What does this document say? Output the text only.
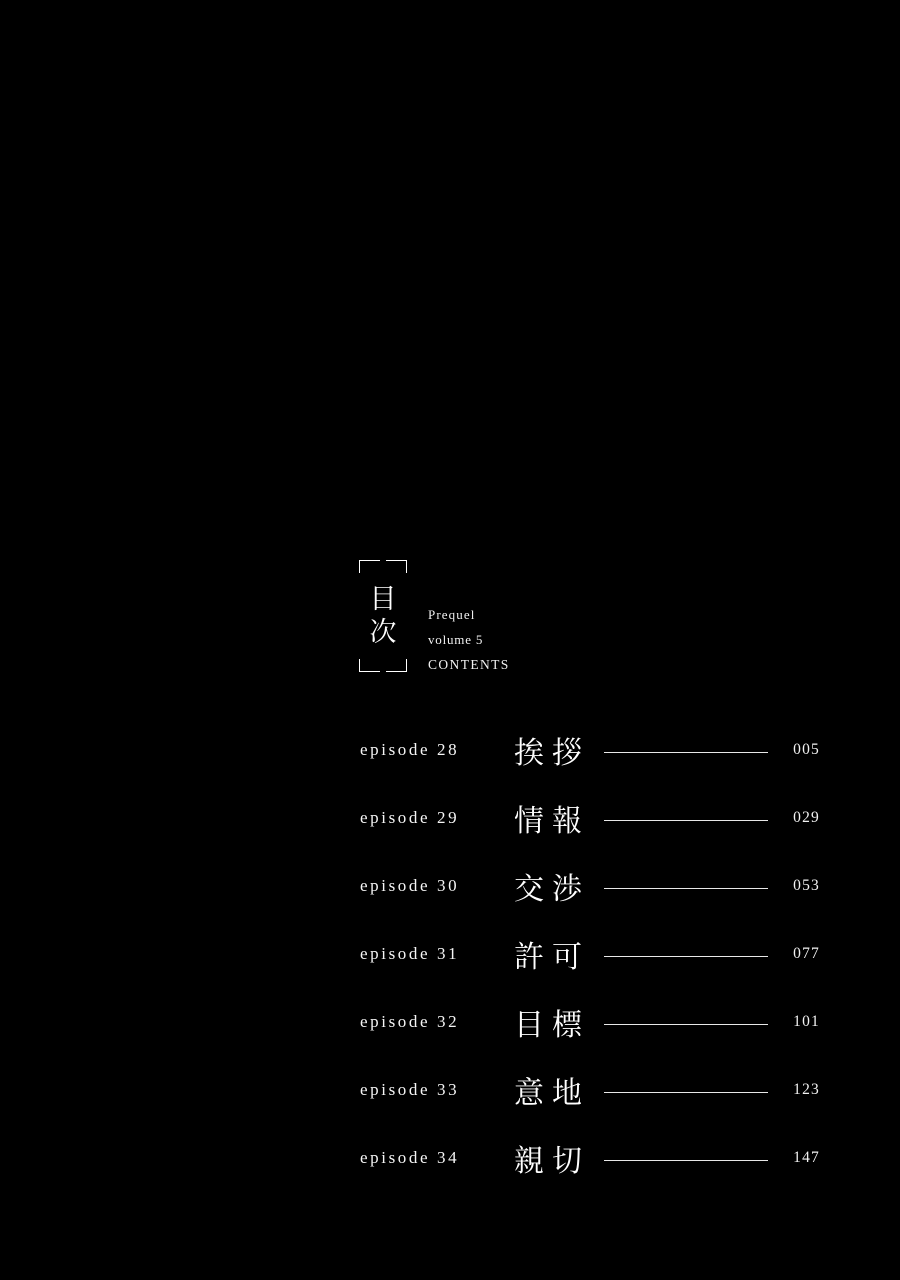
目
次
Prequel
volume 5
CONTENTS
episode 28	挨拶	005
episode 29	情報	029
episode 30	交渉	053
episode 31	許可	077
episode 32	目標	101
episode 33	意地	123
episode 34	親切	147
